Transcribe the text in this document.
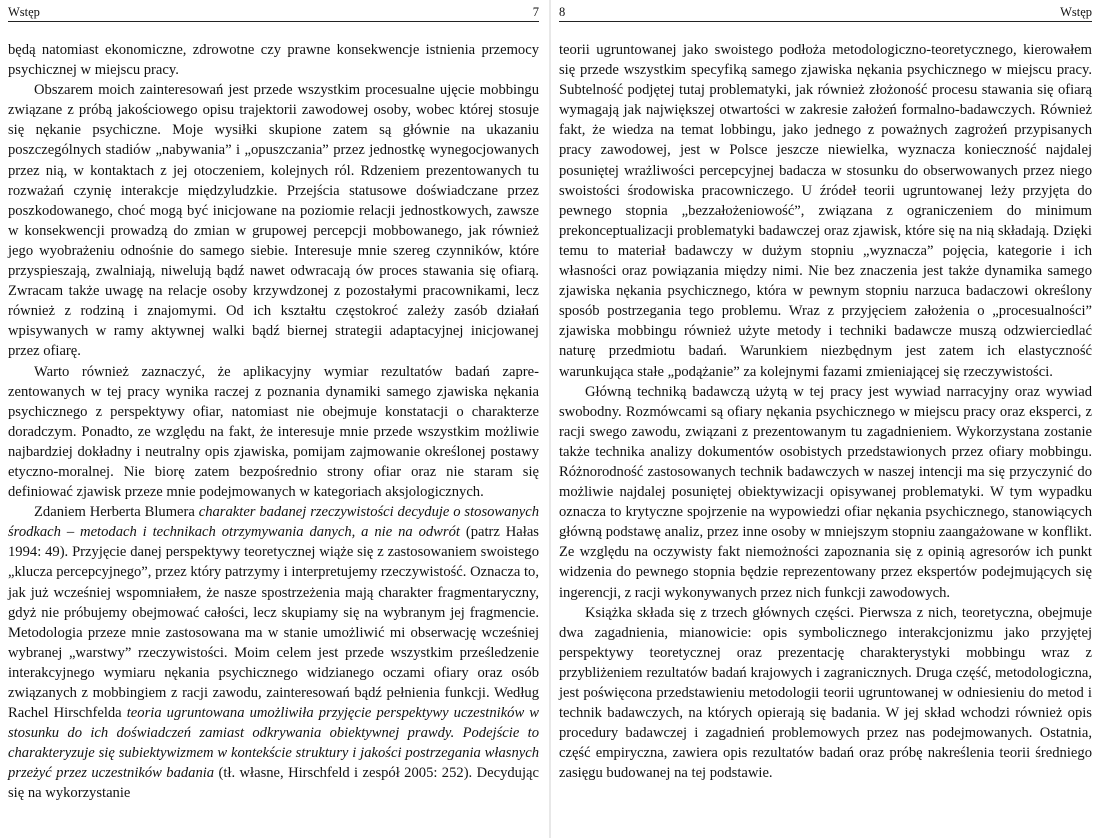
Wstęp	7

będą natomiast ekonomiczne, zdrowotne czy prawne konsekwencje istnienia przemocy psychicznej w miejscu pracy.

Obszarem moich zainteresowań jest przede wszystkim procesualne ujęcie mobbingu związane z próbą jakościowego opisu trajektorii zawodowej osoby, wobec której stosuje się nękanie psychiczne. Moje wysiłki skupione zatem są głównie na ukazaniu poszczególnych stadiów „nabywania” i „opuszczania” przez jednostkę wynegocjowanych przez nią, w kontaktach z jej otoczeniem, kolejnych ról. Rdzeniem prezentowanych tu rozważań czynię interakcje międzyludzkie. Przejścia statusowe doświadczane przez poszkodowanego, choć mogą być inicjowane na poziomie relacji jednostkowych, zawsze w konsekwencji prowadzą do zmian w grupowej percepcji mobbowanego, jak również jego wyobrażeniu odnośnie do samego siebie. Interesuje mnie szereg czynników, które przyspieszają, zwalniają, niwelują bądź nawet odwracają ów proces stawania się ofiarą. Zwracam także uwagę na relacje osoby krzywdzonej z pozostałymi pracownikami, lecz również z rodziną i znajomymi. Od ich kształtu częstokroć zależy zasób działań wpisywanych w ramy aktywnej walki bądź biernej strategii adaptacyjnej inicjowanej przez ofiarę.

Warto również zaznaczyć, że aplikacyjny wymiar rezultatów badań zaprezentowanych w tej pracy wynika raczej z poznania dynamiki samego zjawiska nękania psychicznego z perspektywy ofiar, natomiast nie obejmuje konstatacji o charakterze doradczym. Ponadto, ze względu na fakt, że interesuje mnie przede wszystkim możliwie najbardziej dokładny i neutralny opis zjawiska, pomijam zajmowanie określonej postawy etyczno-moralnej. Nie biorę zatem bezpośrednio strony ofiar oraz nie staram się definiować zjawisk przeze mnie podejmowanych w kategoriach aksjologicznych.

Zdaniem Herberta Blumera charakter badanej rzeczywistości decyduje o stosowanych środkach – metodach i technikach otrzymywania danych, a nie na odwrót (patrz Hałas 1994: 49). Przyjęcie danej perspektywy teoretycznej wiąże się z zastosowaniem swoistego „klucza percepcyjnego”, przez który patrzymy i interpretujemy rzeczywistość. Oznacza to, jak już wcześniej wspomniałem, że nasze spostrzeżenia mają charakter fragmentaryczny, gdyż nie próbujemy obejmować całości, lecz skupiamy się na wybranym jej fragmencie. Metodologia przeze mnie zastosowana ma w stanie umożliwić mi obserwację wcześniej wybranej „warstwy” rzeczywistości. Moim celem jest przede wszystkim prześledzenie interakcyjnego wymiaru nękania psychicznego widzianego oczami ofiary oraz osób związanych z mobbingiem z racji zawodu, zainteresowań bądź pełnienia funkcji. Według Rachel Hirschfelda teoria ugruntowana umożliwiła przyjęcie perspektywy uczestników w stosunku do ich doświadczeń zamiast odkrywania obiektywnej prawdy. Podejście to charakteryzuje się subiektywizmem w kontekście struktury i jakości postrzegania własnych przeżyć przez uczestników badania (tł. własne, Hirschfeld i zespół 2005: 252). Decydując się na wykorzystanie

8	Wstęp

teorii ugruntowanej jako swoistego podłoża metodologiczno-teoretycznego, kierowałem się przede wszystkim specyfiką samego zjawiska nękania psychicznego w miejscu pracy. Subtelność podjętej tutaj problematyki, jak również złożoność procesu stawania się ofiarą wymagają jak największej otwartości w zakresie założeń formalno-badawczych. Również fakt, że wiedza na temat lobbingu, jako jednego z poważnych zagrożeń przypisanych pracy zawodowej, jest w Polsce jeszcze niewielka, wyznacza konieczność najdalej posuniętej wrażliwości percepcyjnej badacza w stosunku do obserwowanych przez niego swoistości środowiska pracowniczego. U źródeł teorii ugruntowanej leży przyjęta do pewnego stopnia „bezzałożeniowość”, związana z ograniczeniem do minimum prekonceptualizacji problematyki badawczej oraz zjawisk, które się na nią składają. Dzięki temu to materiał badawczy w dużym stopniu „wyznacza” pojęcia, kategorie i ich własności oraz powiązania między nimi. Nie bez znaczenia jest także dynamika samego zjawiska nękania psychicznego, która w pewnym stopniu narzuca badaczowi określony sposób postrzegania tego problemu. Wraz z przyjęciem założenia o „procesualności” zjawiska mobbingu również użyte metody i techniki badawcze muszą odzwierciedlać naturę przedmiotu badań. Warunkiem niezbędnym jest zatem ich elastyczność warunkująca stałe „podążanie” za kolejnymi fazami zmieniającej się rzeczywistości.

Główną techniką badawczą użytą w tej pracy jest wywiad narracyjny oraz wywiad swobodny. Rozmówcami są ofiary nękania psychicznego w miejscu pracy oraz eksperci, z racji swego zawodu, związani z prezentowanym tu zagadnieniem. Wykorzystana zostanie także technika analizy dokumentów osobistych przedstawionych przez ofiary mobbingu. Różnorodność zastosowanych technik badawczych w naszej intencji ma się przyczynić do możliwie najdalej posuniętej obiektywizacji opisywanej problematyki. W tym wypadku oznacza to krytyczne spojrzenie na wypowiedzi ofiar nękania psychicznego, stanowiących główną podstawę analiz, przez inne osoby w mniejszym stopniu zaangażowane w konflikt. Ze względu na oczywisty fakt niemożności zapoznania się z opinią agresorów ich punkt widzenia do pewnego stopnia będzie reprezentowany przez ekspertów podejmujących się ingerencji, z racji wykonywanych przez nich funkcji zawodowych.

Książka składa się z trzech głównych części. Pierwsza z nich, teoretyczna, obejmuje dwa zagadnienia, mianowicie: opis symbolicznego interakcjonizmu jako przyjętej perspektywy teoretycznej oraz prezentację charakterystyki mobbingu wraz z przybliżeniem rezultatów badań krajowych i zagranicznych. Druga część, metodologiczna, jest poświęcona przedstawieniu metodologii teorii ugruntowanej w odniesieniu do metod i technik badawczych, na których opierają się badania. W jej skład wchodzi również opis procedury badawczej i zagadnień problemowych przez nas podejmowanych. Ostatnia, część empiryczna, zawiera opis rezultatów badań oraz próbę nakreślenia teorii średniego zasięgu budowanej na tej podstawie.
